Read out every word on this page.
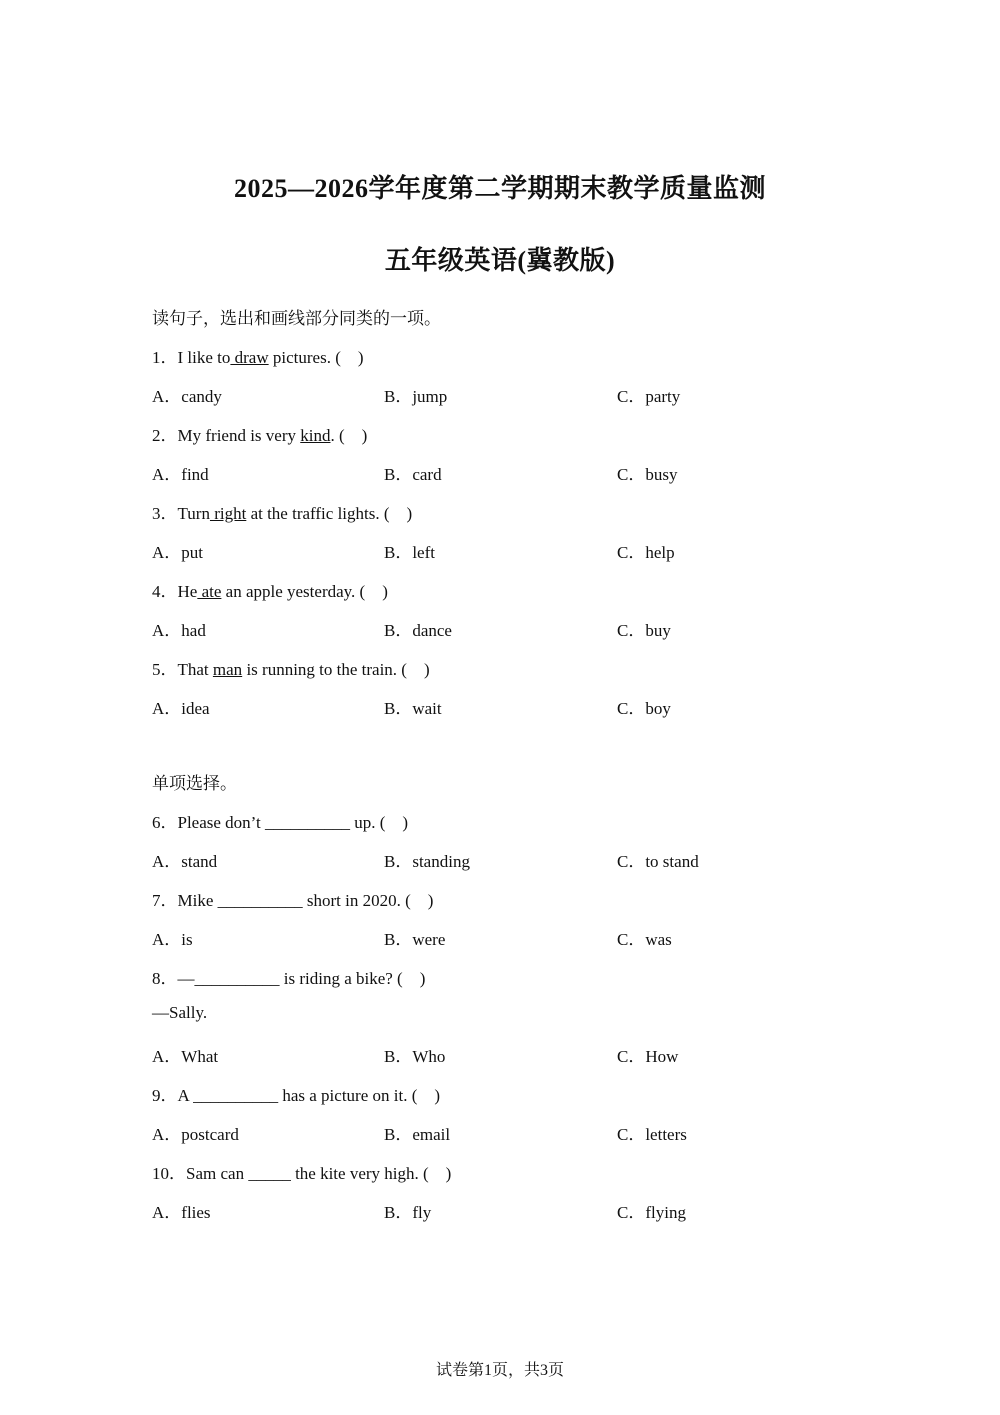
2025—2026学年度第二学期期末教学质量监测
五年级英语(冀教版)
读句子，选出和画线部分同类的一项。
1．I like to draw pictures. (    )
A．candy	B．jump	C．party
2．My friend is very kind. (    )
A．find	B．card	C．busy
3．Turn right at the traffic lights. (    )
A．put	B．left	C．help
4．He ate an apple yesterday. (    )
A．had	B．dance	C．buy
5．That man is running to the train. (    )
A．idea	B．wait	C．boy
单项选择。
6．Please don’t __________ up. (    )
A．stand	B．standing	C．to stand
7．Mike __________ short in 2020. (    )
A．is	B．were	C．was
8．—__________ is riding a bike? (    )
—Sally.
A．What	B．Who	C．How
9．A __________ has a picture on it. (    )
A．postcard	B．email	C．letters
10．Sam can _____ the kite very high. (    )
A．flies	B．fly	C．flying
试卷第1页，共3页
